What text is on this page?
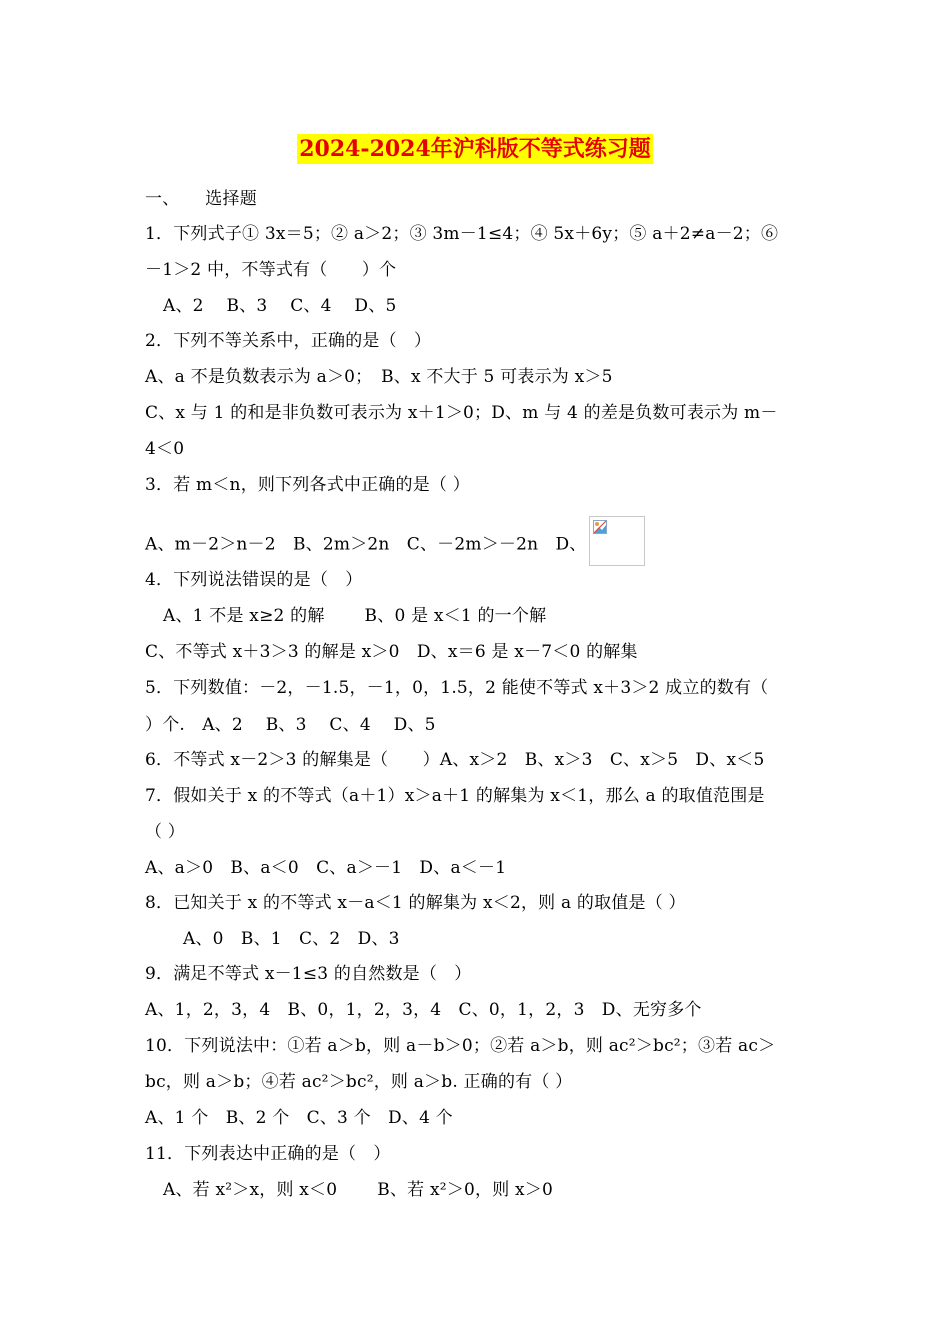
2024-2024年沪科版不等式练习题
一、　　选择题
1．下列式子① 3x＝5；② a＞2；③ 3m－1≤4；④ 5x＋6y；⑤ a＋2≠a－2；⑥
－1＞2 中，不等式有（　　）个
A、2　 B、3　 C、4　 D、5
2．下列不等关系中，正确的是（　）
A、a 不是负数表示为 a＞0；　B、x 不大于 5 可表示为 x＞5
C、x 与 1 的和是非负数可表示为 x＋1＞0；D、m 与 4 的差是负数可表示为 m－
4＜0
3．若 m＜n，则下列各式中正确的是（ ）
A、m－2＞n－2　B、2m＞2n　C、－2m＞－2n　D、
4．下列说法错误的是（　）
A、1 不是 x≥2 的解　　 B、0 是 x＜1 的一个解
C、不等式 x＋3＞3 的解是 x＞0　D、x＝6 是 x－7＜0 的解集
5．下列数值：－2，－1.5，－1，0，1.5，2 能使不等式 x＋3＞2 成立的数有（
）个.　A、2　 B、3　 C、4　 D、5
6．不等式 x－2＞3 的解集是（　　）A、x＞2　B、x＞3　C、x＞5　D、x＜5
7．假如关于 x 的不等式（a＋1）x＞a＋1 的解集为 x＜1，那么 a 的取值范围是
（ ）
A、a＞0　B、a＜0　C、a＞－1　D、a＜－1
8．已知关于 x 的不等式 x－a＜1 的解集为 x＜2，则 a 的取值是（ ）
A、0　B、1　C、2　D、3
9．满足不等式 x－1≤3 的自然数是（　）
A、1，2，3，4　B、0，1，2，3，4　C、0，1，2，3　D、无穷多个
10．下列说法中：①若 a＞b，则 a－b＞0；②若 a＞b，则 ac²＞bc²；③若 ac＞
bc，则 a＞b；④若 ac²＞bc²，则 a＞b. 正确的有（ ）
A、1 个　B、2 个　C、3 个　D、4 个
11．下列表达中正确的是（　）
A、若 x²＞x，则 x＜0　　 B、若 x²＞0，则 x＞0
